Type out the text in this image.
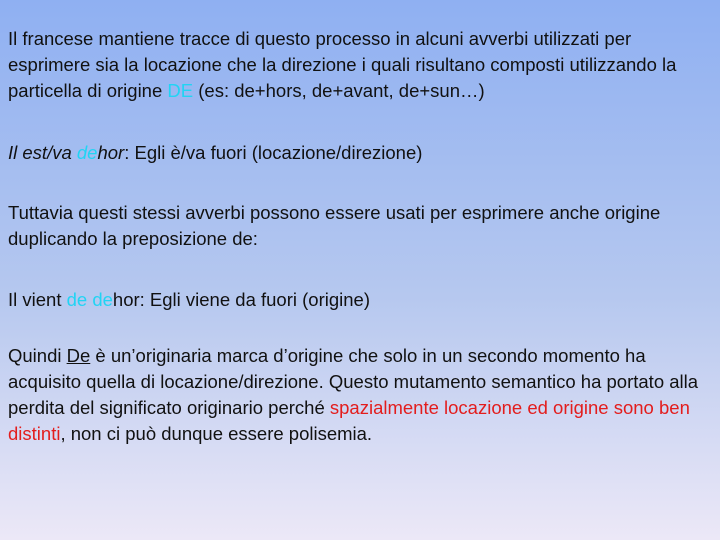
Il francese mantiene tracce di questo processo in alcuni avverbi utilizzati per esprimere sia la locazione che la direzione i quali risultano composti utilizzando la particella di origine DE (es: de+hors, de+avant, de+sun…)

Il est/va dehor: Egli è/va fuori (locazione/direzione)

Tuttavia questi stessi avverbi possono essere usati per esprimere anche origine duplicando la preposizione de:

Il vient de dehor: Egli viene da fuori (origine)

Quindi De è un’originaria marca d’origine che solo in un secondo momento ha acquisito quella di locazione/direzione. Questo mutamento semantico ha portato alla perdita del significato originario perché spazialmente locazione ed origine sono ben distinti, non ci può dunque essere polisemia.
